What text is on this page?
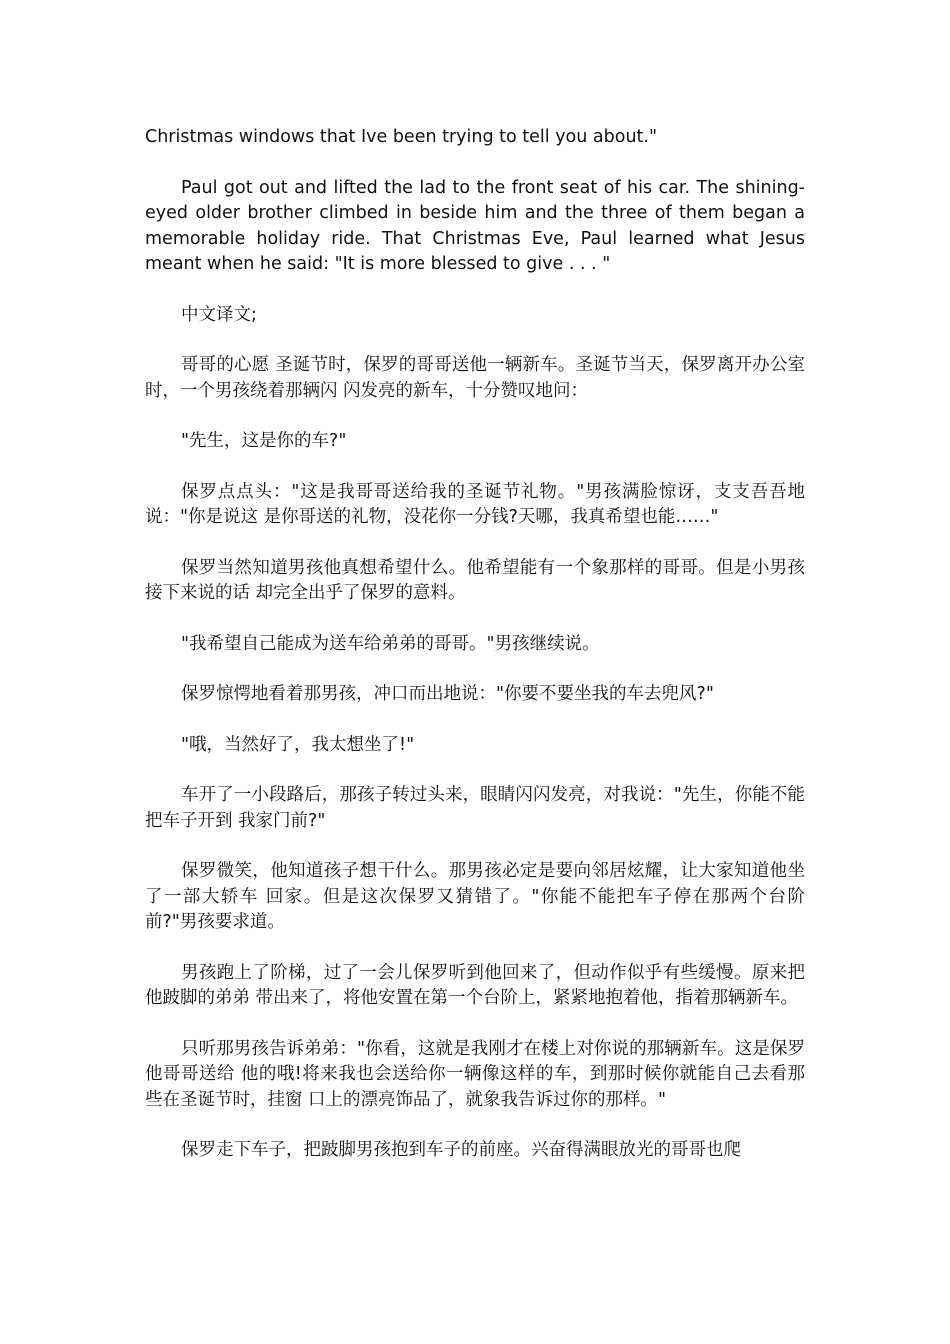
Christmas windows that Ive been trying to tell you about."

Paul got out and lifted the lad to the front seat of his car. The shining-eyed older brother climbed in beside him and the three of them began a memorable holiday ride. That Christmas Eve, Paul learned what Jesus meant when he said: "It is more blessed to give . . . "

中文译文;

哥哥的心愿 圣诞节时，保罗的哥哥送他一辆新车。圣诞节当天，保罗离开办公室时，一个男孩绕着那辆闪 闪发亮的新车，十分赞叹地问：

"先生，这是你的车?"

保罗点点头："这是我哥哥送给我的圣诞节礼物。"男孩满脸惊讶，支支吾吾地说："你是说这 是你哥送的礼物，没花你一分钱?天哪，我真希望也能……"

保罗当然知道男孩他真想希望什么。他希望能有一个象那样的哥哥。但是小男孩接下来说的话 却完全出乎了保罗的意料。

"我希望自己能成为送车给弟弟的哥哥。"男孩继续说。

保罗惊愕地看着那男孩，冲口而出地说："你要不要坐我的车去兜风?"

"哦，当然好了，我太想坐了!"

车开了一小段路后，那孩子转过头来，眼睛闪闪发亮，对我说："先生，你能不能把车子开到 我家门前?"

保罗微笑，他知道孩子想干什么。那男孩必定是要向邻居炫耀，让大家知道他坐了一部大轿车 回家。但是这次保罗又猜错了。"你能不能把车子停在那两个台阶前?"男孩要求道。

男孩跑上了阶梯，过了一会儿保罗听到他回来了，但动作似乎有些缓慢。原来把他跛脚的弟弟 带出来了，将他安置在第一个台阶上，紧紧地抱着他，指着那辆新车。

只听那男孩告诉弟弟："你看，这就是我刚才在楼上对你说的那辆新车。这是保罗他哥哥送给 他的哦!将来我也会送给你一辆像这样的车，到那时候你就能自己去看那些在圣诞节时，挂窗 口上的漂亮饰品了，就象我告诉过你的那样。"

保罗走下车子，把跛脚男孩抱到车子的前座。兴奋得满眼放光的哥哥也爬
